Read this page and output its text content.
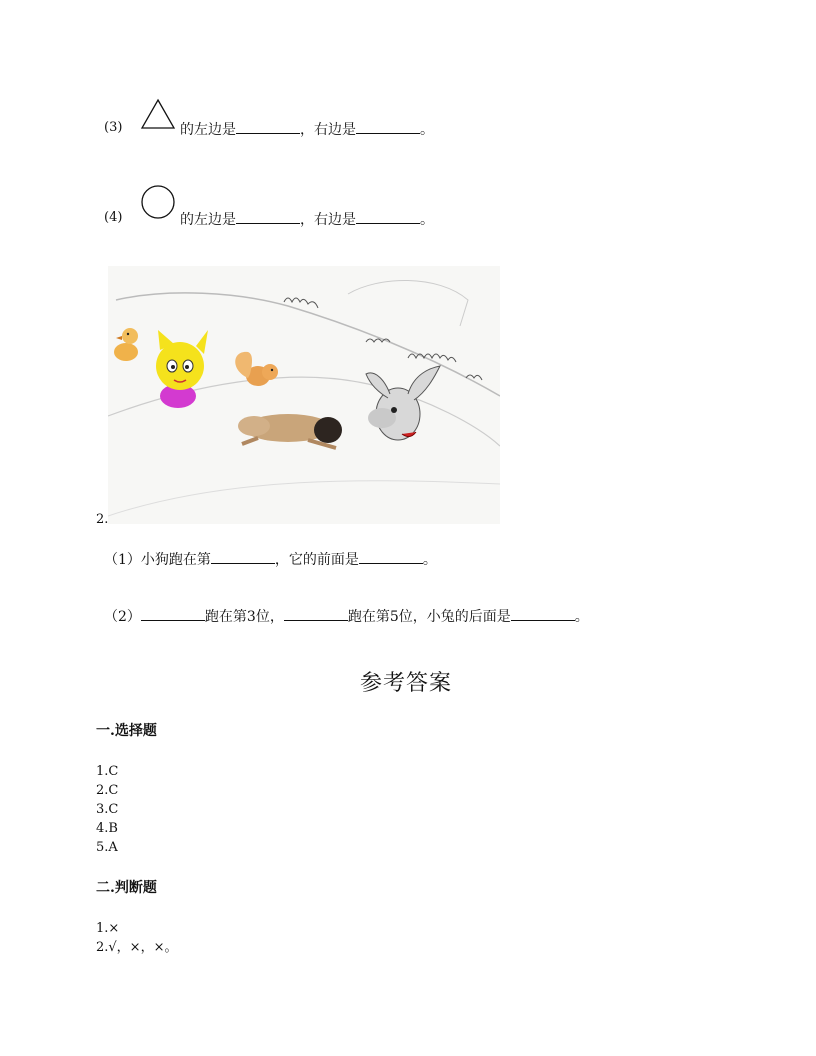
(3)	的左边是	，右边是	。
(4)	的左边是	，右边是	。
2.
（1）小狗跑在第	，它的前面是	。
（2）	跑在第3位，	跑在第5位，小兔的后面是	。
参考答案
一.选择题
1.C
2.C
3.C
4.B
5.A
二.判断题
1.×
2.√，×，×。
